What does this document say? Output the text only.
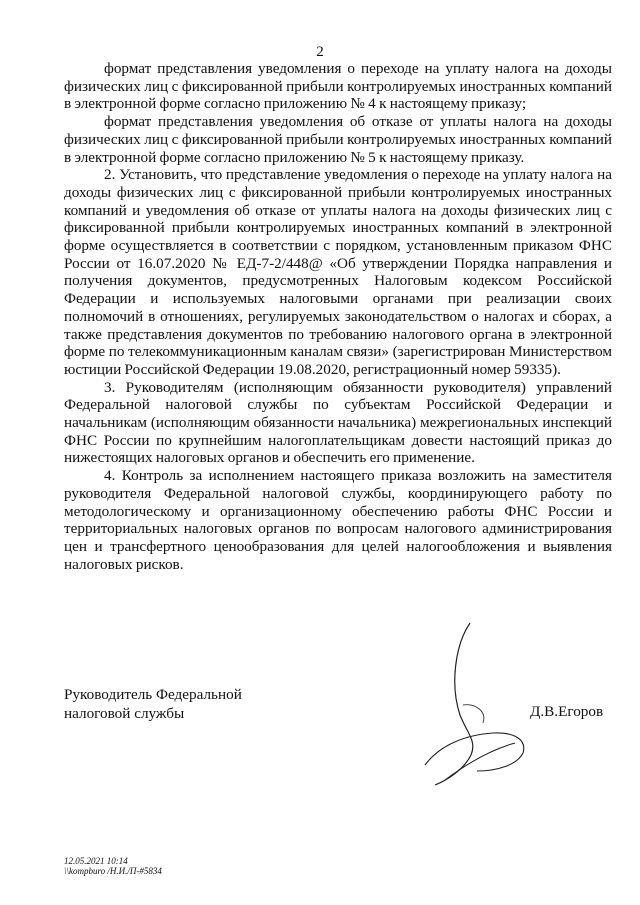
2

формат представления уведомления о переходе на уплату налога на доходы физических лиц с фиксированной прибыли контролируемых иностранных компаний в электронной форме согласно приложению № 4 к настоящему приказу;

формат представления уведомления об отказе от уплаты налога на доходы физических лиц с фиксированной прибыли контролируемых иностранных компаний в электронной форме согласно приложению № 5 к настоящему приказу.

2. Установить, что представление уведомления о переходе на уплату налога на доходы физических лиц с фиксированной прибыли контролируемых иностранных компаний и уведомления об отказе от уплаты налога на доходы физических лиц с фиксированной прибыли контролируемых иностранных компаний в электронной форме осуществляется в соответствии с порядком, установленным приказом ФНС России от 16.07.2020 № ЕД-7-2/448@ «Об утверждении Порядка направления и получения документов, предусмотренных Налоговым кодексом Российской Федерации и используемых налоговыми органами при реализации своих полномочий в отношениях, регулируемых законодательством о налогах и сборах, а также представления документов по требованию налогового органа в электронной форме по телекоммуникационным каналам связи» (зарегистрирован Министерством юстиции Российской Федерации 19.08.2020, регистрационный номер 59335).

3. Руководителям (исполняющим обязанности руководителя) управлений Федеральной налоговой службы по субъектам Российской Федерации и начальникам (исполняющим обязанности начальника) межрегиональных инспекций ФНС России по крупнейшим налогоплательщикам довести настоящий приказ до нижестоящих налоговых органов и обеспечить его применение.

4. Контроль за исполнением настоящего приказа возложить на заместителя руководителя Федеральной налоговой службы, координирующего работу по методологическому и организационному обеспечению работы ФНС России и территориальных налоговых органов по вопросам налогового администрирования цен и трансфертного ценообразования для целей налогообложения и выявления налоговых рисков.

Руководитель Федеральной
налоговой службы	Д.В.Егоров
12.05.2021 10:14
\\kompburo /Н.И./П-#5834
